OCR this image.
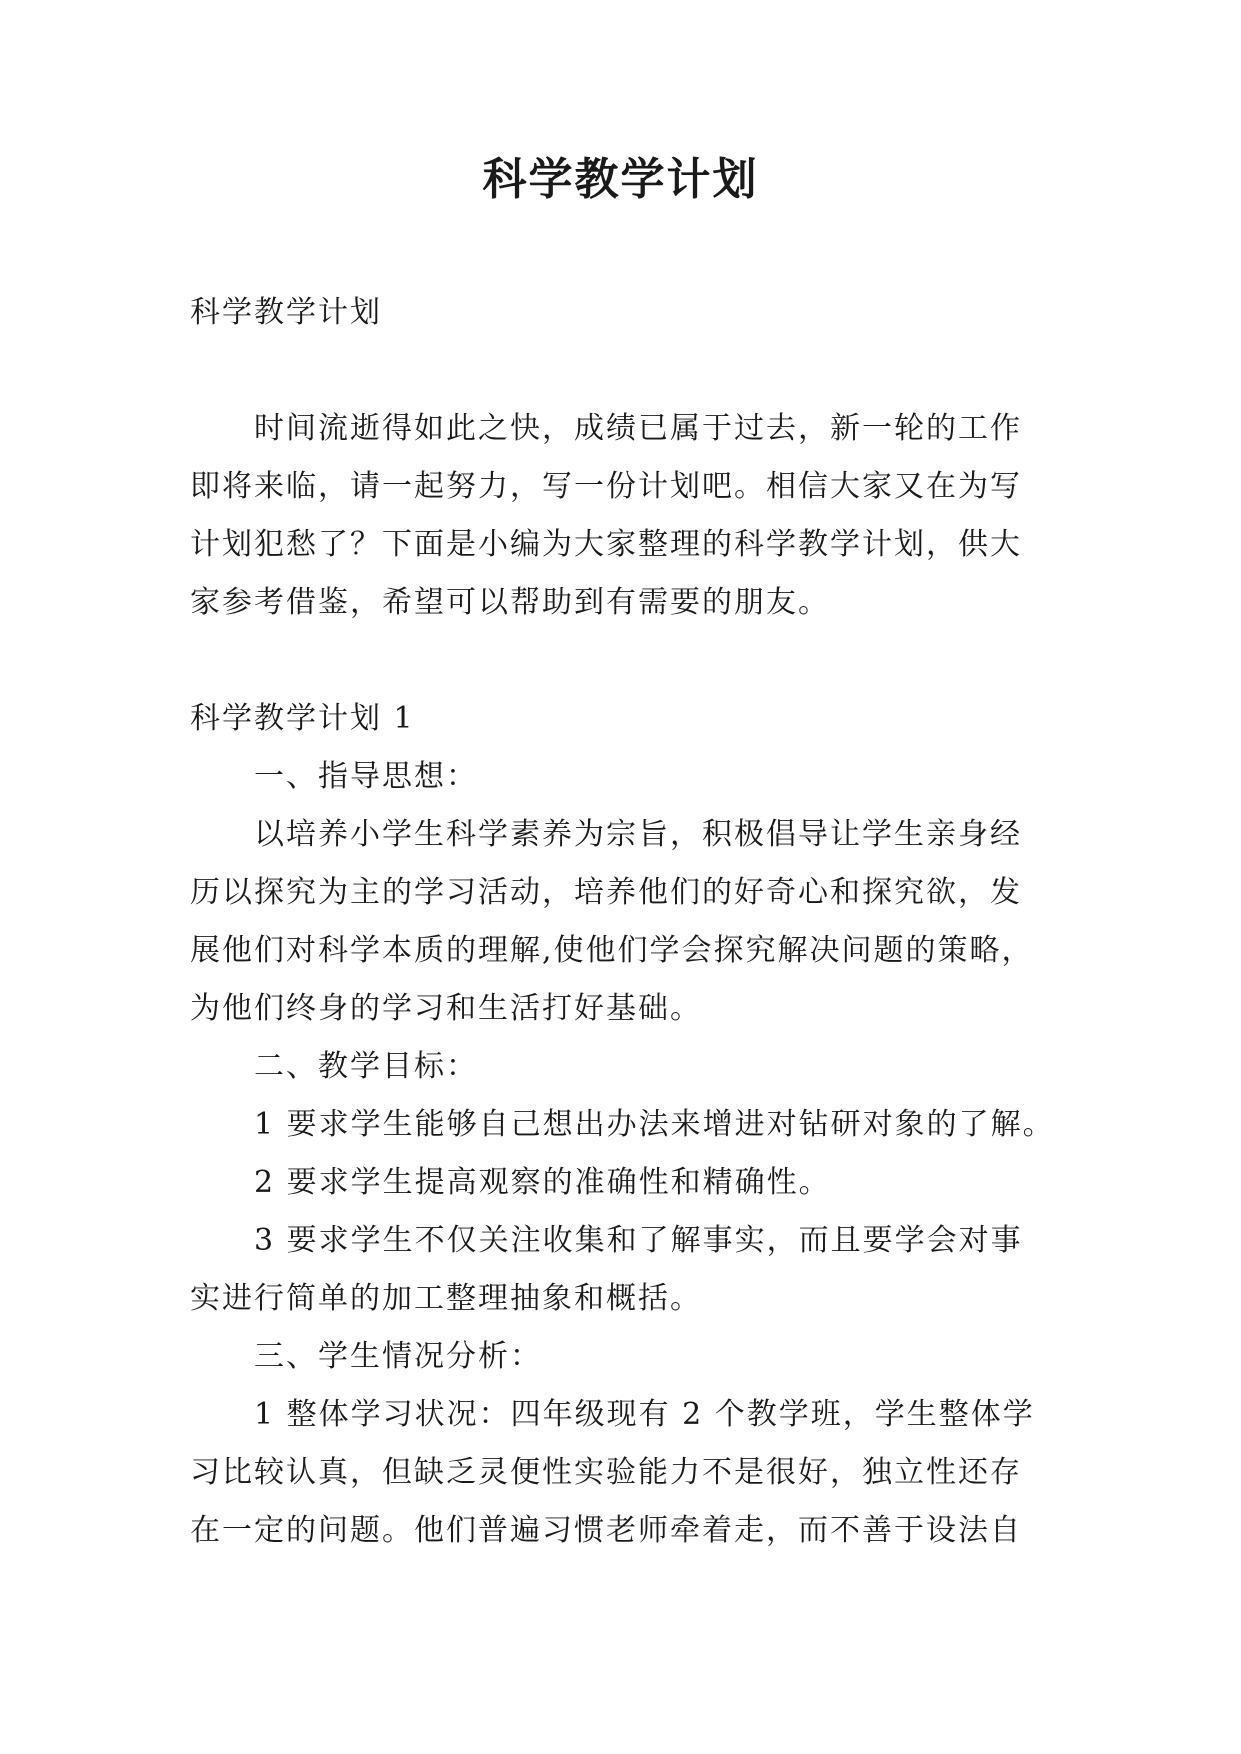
科学教学计划
科学教学计划
时间流逝得如此之快，成绩已属于过去，新一轮的工作
即将来临，请一起努力，写一份计划吧。相信大家又在为写
计划犯愁了？下面是小编为大家整理的科学教学计划，供大
家参考借鉴，希望可以帮助到有需要的朋友。
科学教学计划 1
一、指导思想：
以培养小学生科学素养为宗旨，积极倡导让学生亲身经
历以探究为主的学习活动，培养他们的好奇心和探究欲，发
展他们对科学本质的理解,使他们学会探究解决问题的策略，
为他们终身的学习和生活打好基础。
二、教学目标：
1 要求学生能够自己想出办法来增进对钻研对象的了解。
2 要求学生提高观察的准确性和精确性。
3 要求学生不仅关注收集和了解事实，而且要学会对事
实进行简单的加工整理抽象和概括。
三、学生情况分析：
1 整体学习状况：四年级现有 2 个教学班，学生整体学
习比较认真，但缺乏灵便性实验能力不是很好，独立性还存
在一定的问题。他们普遍习惯老师牵着走，而不善于设法自
